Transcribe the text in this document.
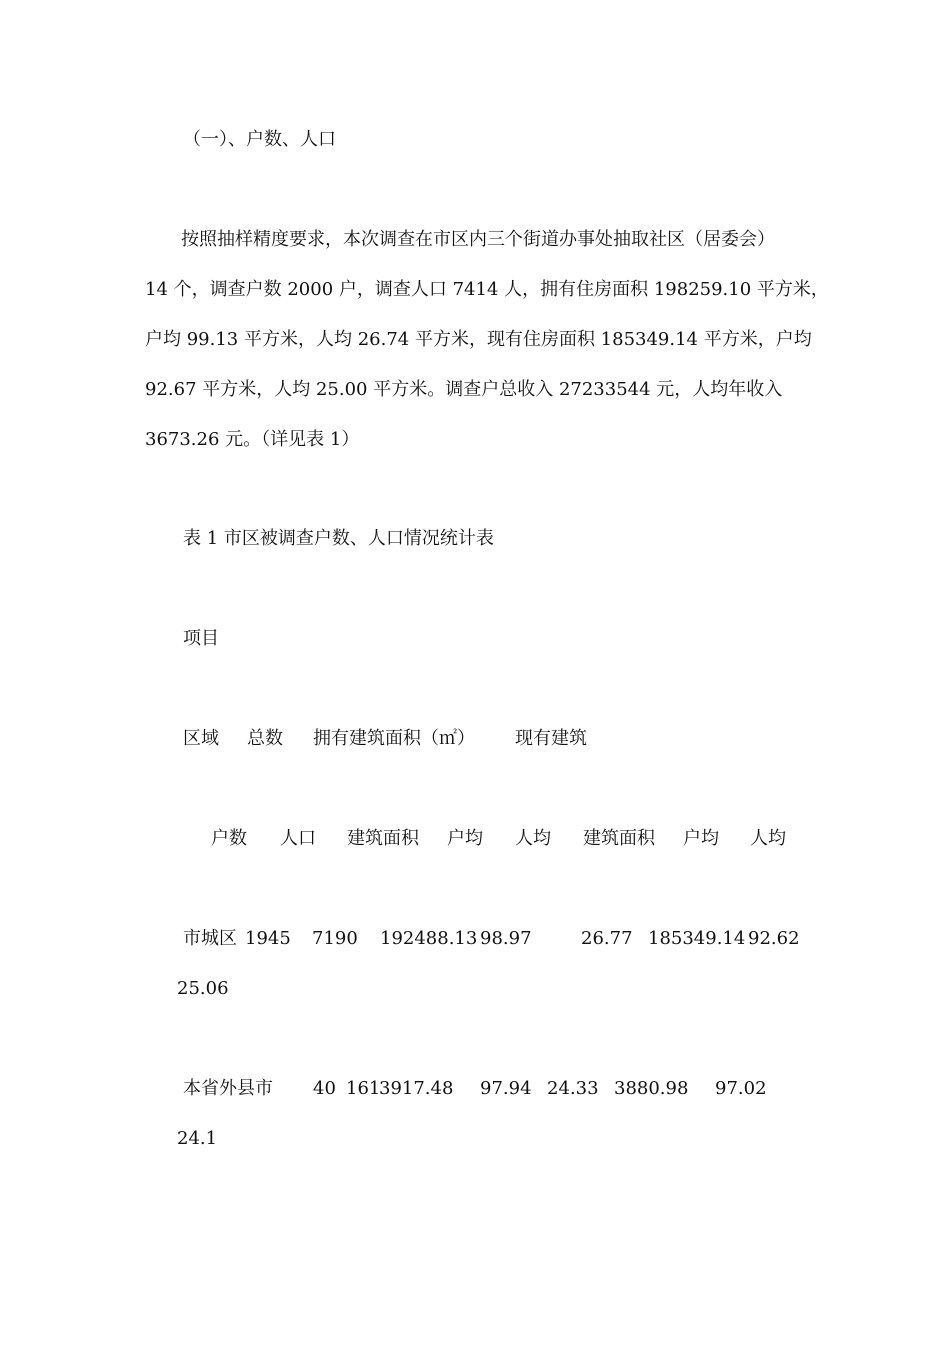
（一）、户数、人口
　　按照抽样精度要求，本次调查在市区内三个街道办事处抽取社区（居委会）
14 个，调查户数 2000 户，调查人口 7414 人，拥有住房面积 198259.10 平方米，
户均 99.13 平方米，人均 26.74 平方米，现有住房面积 185349.14 平方米，户均
92.67 平方米，人均 25.00 平方米。调查户总收入 27233544 元，人均年收入
3673.26 元。（详见表 1）
表 1 市区被调查户数、人口情况统计表
项目
区域 总数 拥有建筑面积（㎡） 现有建筑
户数 人口 建筑面积 户均 人均 建筑面积 户均 人均
市城区 1945 7190 192488.13 98.97	26.77 185349.14 92.62
25.06
本省外县市 40 161
3917.48 97.94 24.33 3880.98 97.02
24.1
